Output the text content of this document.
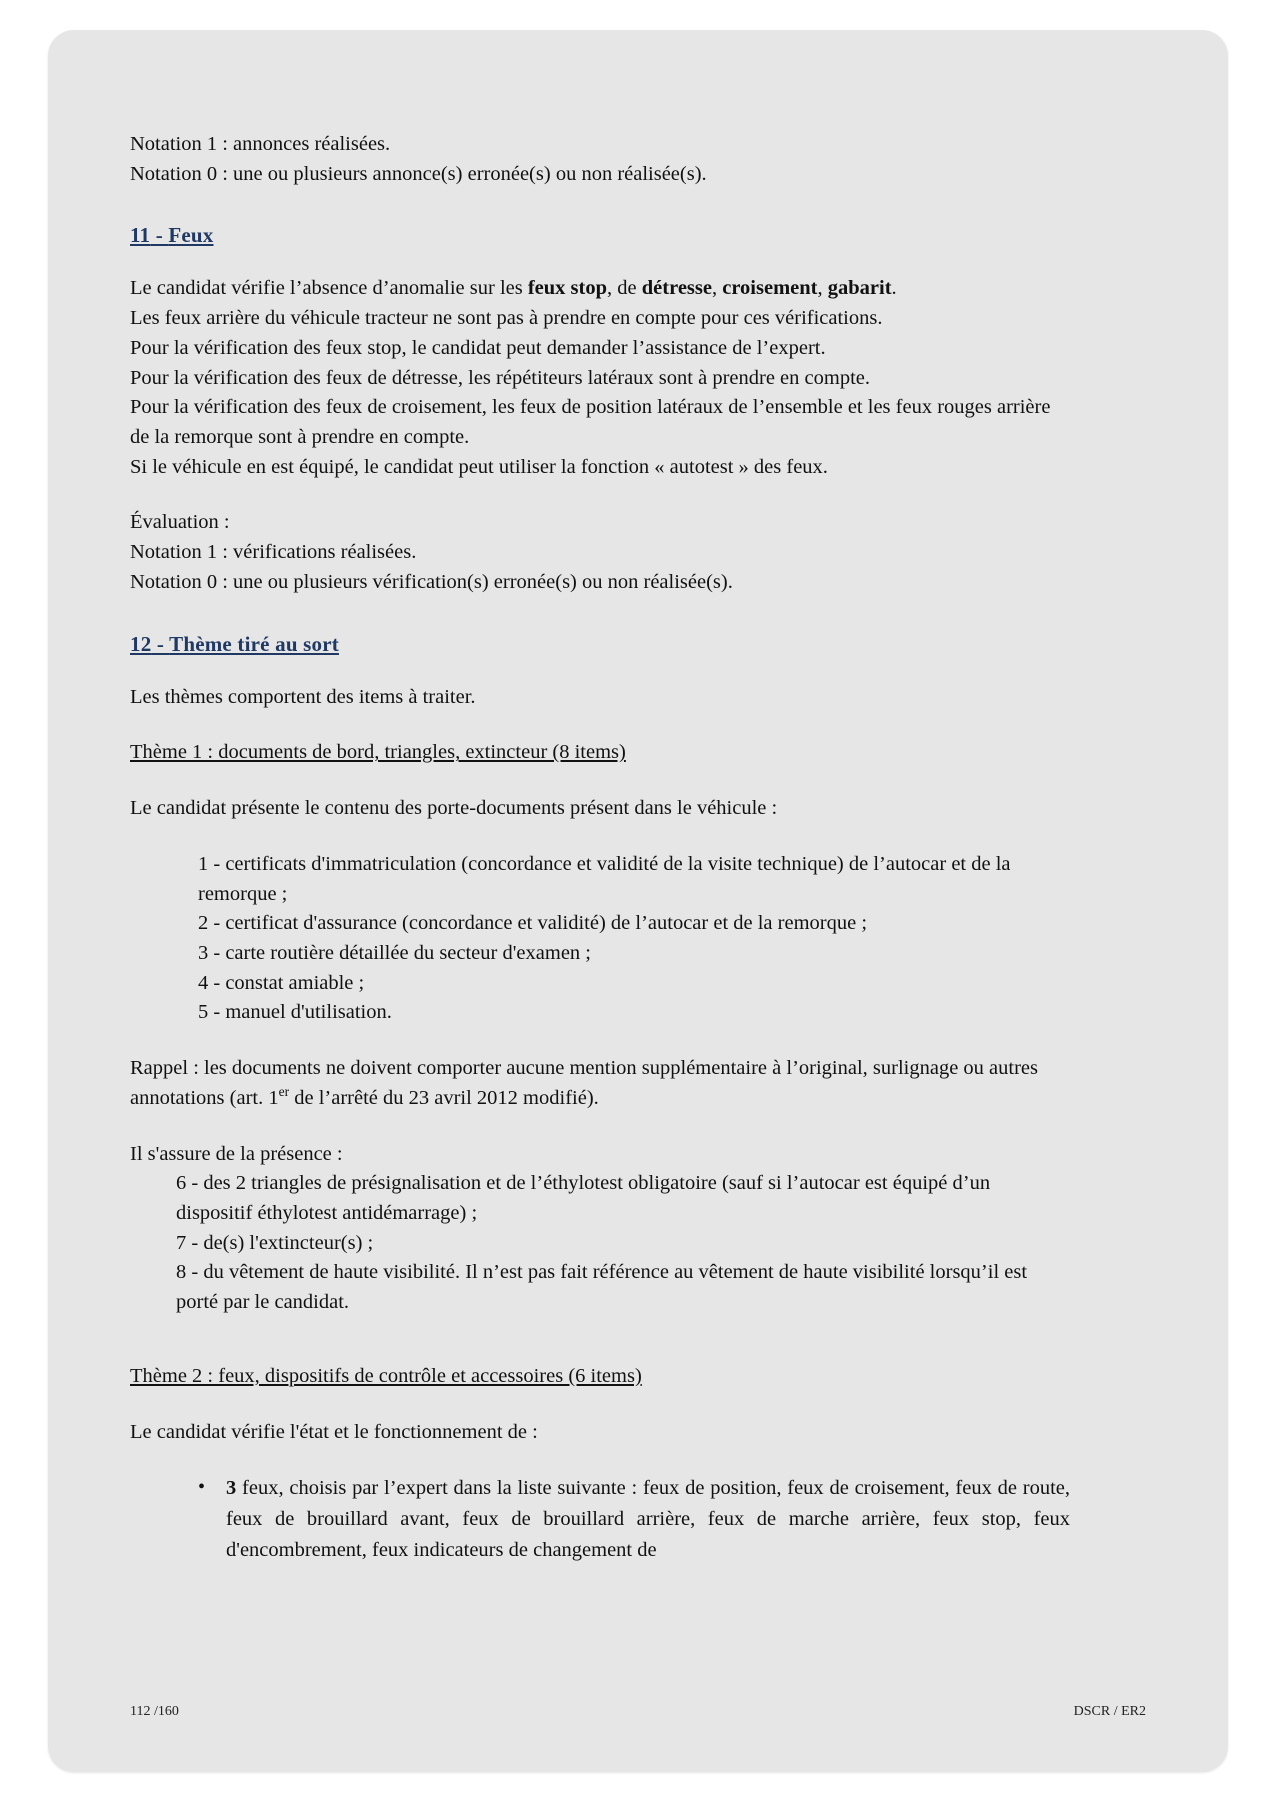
Notation 1 : annonces réalisées.

Notation 0 : une ou plusieurs annonce(s) erronée(s) ou non réalisée(s).

11 - Feux

Le candidat vérifie l’absence d’anomalie sur les feux stop, de détresse, croisement, gabarit.

Les feux arrière du véhicule tracteur ne sont pas à prendre en compte pour ces vérifications.

Pour la vérification des feux stop, le candidat peut demander l’assistance de l’expert.

Pour la vérification des feux de détresse, les répétiteurs latéraux sont à prendre en compte.

Pour la vérification des feux de croisement, les feux de position latéraux de l’ensemble et les feux rouges arrière de la remorque sont à prendre en compte.

Si le véhicule en est équipé, le candidat peut utiliser la fonction « autotest » des feux.

Évaluation :

Notation 1 : vérifications réalisées.

Notation 0 : une ou plusieurs vérification(s) erronée(s) ou non réalisée(s).

12 - Thème tiré au sort

Les thèmes comportent des items à traiter.

Thème 1 : documents de bord, triangles, extincteur (8 items)

Le candidat présente le contenu des porte-documents présent dans le véhicule :

1 - certificats d'immatriculation (concordance et validité de la visite technique) de l’autocar et de la remorque ;

2 - certificat d'assurance (concordance et validité) de l’autocar et de la remorque ;

3 - carte routière détaillée du secteur d'examen ;

4 - constat amiable ;

5 - manuel d'utilisation.

Rappel : les documents ne doivent comporter aucune mention supplémentaire à l’original, surlignage ou autres annotations (art. 1er de l’arrêté du 23 avril 2012 modifié).

Il s'assure de la présence :

6 - des 2 triangles de présignalisation et de l’éthylotest obligatoire (sauf si l’autocar est équipé d’un dispositif éthylotest antidémarrage) ;

7 - de(s) l'extincteur(s) ;

8 - du vêtement de haute visibilité. Il n’est pas fait référence au vêtement de haute visibilité lorsqu’il est porté par le candidat.

Thème 2 : feux, dispositifs de contrôle et accessoires (6 items)

Le candidat vérifie l'état et le fonctionnement de :

• 3 feux, choisis par l’expert dans la liste suivante : feux de position, feux de croisement, feux de route, feux de brouillard avant, feux de brouillard arrière, feux de marche arrière, feux stop, feux d'encombrement, feux indicateurs de changement de
112 /160	DSCR / ER2
